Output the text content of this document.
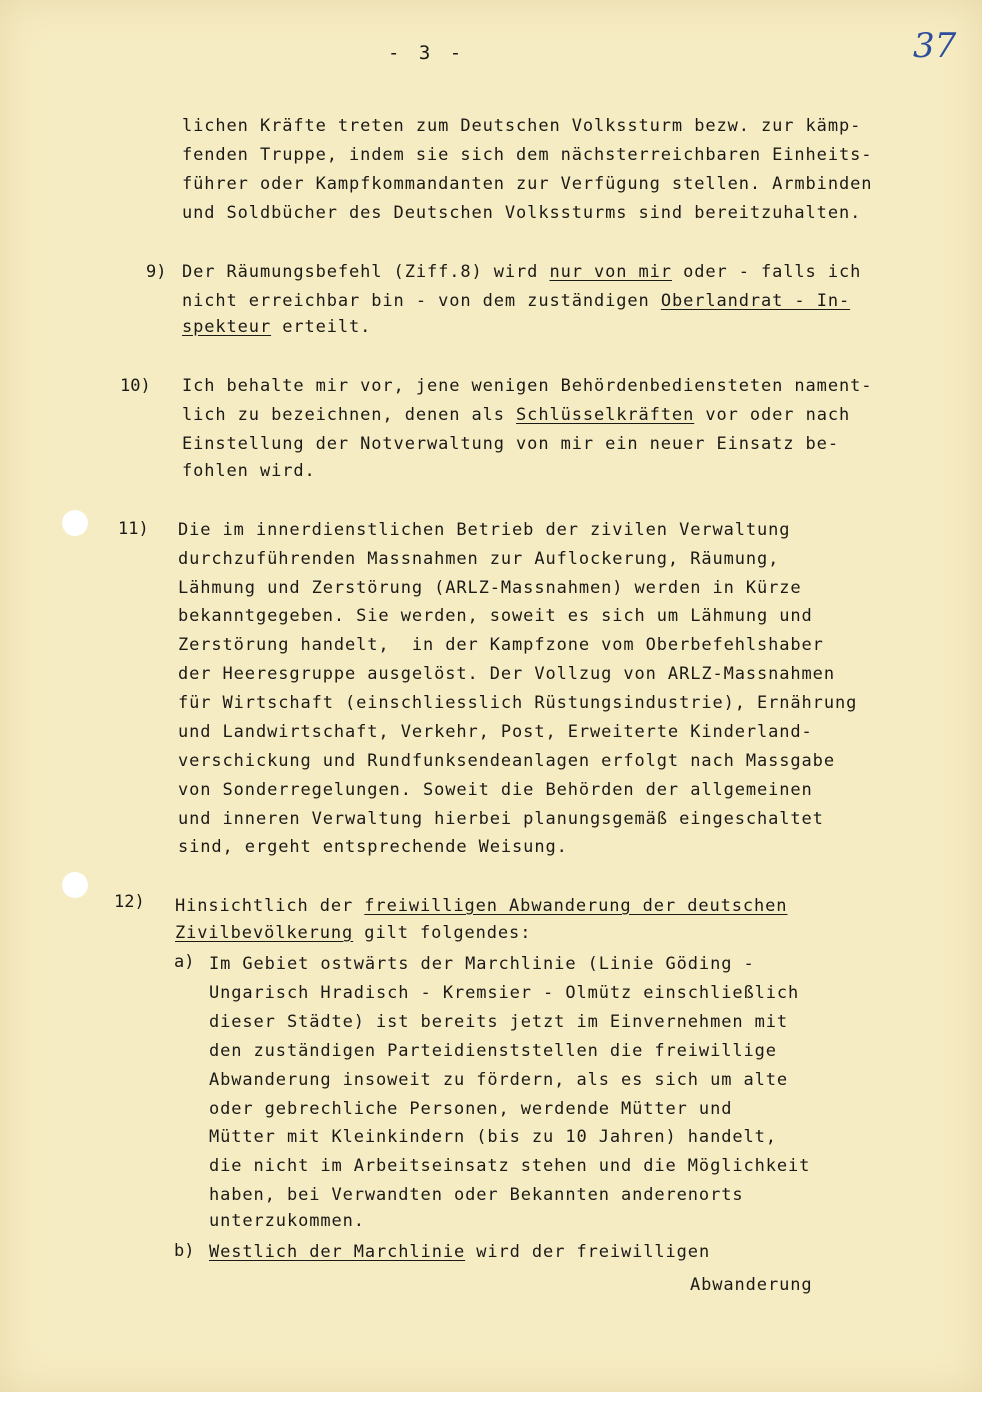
- 3 -	37
lichen Kräfte treten zum Deutschen Volkssturm bezw. zur kämp-
fenden Truppe, indem sie sich dem nächsterreichbaren Einheits-
führer oder Kampfkommandanten zur Verfügung stellen. Armbinden
und Soldbücher des Deutschen Volkssturms sind bereitzuhalten.
9) Der Räumungsbefehl (Ziff.8) wird nur von mir oder - falls ich
nicht erreichbar bin - von dem zuständigen Oberlandrat - In-
spekteur erteilt.
10) Ich behalte mir vor, jene wenigen Behördenbediensteten nament-
lich zu bezeichnen, denen als Schlüsselkräften vor oder nach
Einstellung der Notverwaltung von mir ein neuer Einsatz be-
fohlen wird.
11) Die im innerdienstlichen Betrieb der zivilen Verwaltung
durchzuführenden Massnahmen zur Auflockerung, Räumung,
Lähmung und Zerstörung (ARLZ-Massnahmen) werden in Kürze
bekanntgegeben. Sie werden, soweit es sich um Lähmung und
Zerstörung handelt,  in der Kampfzone vom Oberbefehlshaber
der Heeresgruppe ausgelöst. Der Vollzug von ARLZ-Massnahmen
für Wirtschaft (einschliesslich Rüstungsindustrie), Ernährung
und Landwirtschaft, Verkehr, Post, Erweiterte Kinderland-
verschickung und Rundfunksendeanlagen erfolgt nach Massgabe
von Sonderregelungen. Soweit die Behörden der allgemeinen
und inneren Verwaltung hierbei planungsgemäß eingeschaltet
sind, ergeht entsprechende Weisung.
12) Hinsichtlich der freiwilligen Abwanderung der deutschen
Zivilbevölkerung gilt folgendes:
a) Im Gebiet ostwärts der Marchlinie (Linie Göding -
Ungarisch Hradisch - Kremsier - Olmütz einschließlich
dieser Städte) ist bereits jetzt im Einvernehmen mit
den zuständigen Parteidienststellen die freiwillige
Abwanderung insoweit zu fördern, als es sich um alte
oder gebrechliche Personen, werdende Mütter und
Mütter mit Kleinkindern (bis zu 10 Jahren) handelt,
die nicht im Arbeitseinsatz stehen und die Möglichkeit
haben, bei Verwandten oder Bekannten anderenorts
unterzukommen.
b) Westlich der Marchlinie wird der freiwilligen
Abwanderung
